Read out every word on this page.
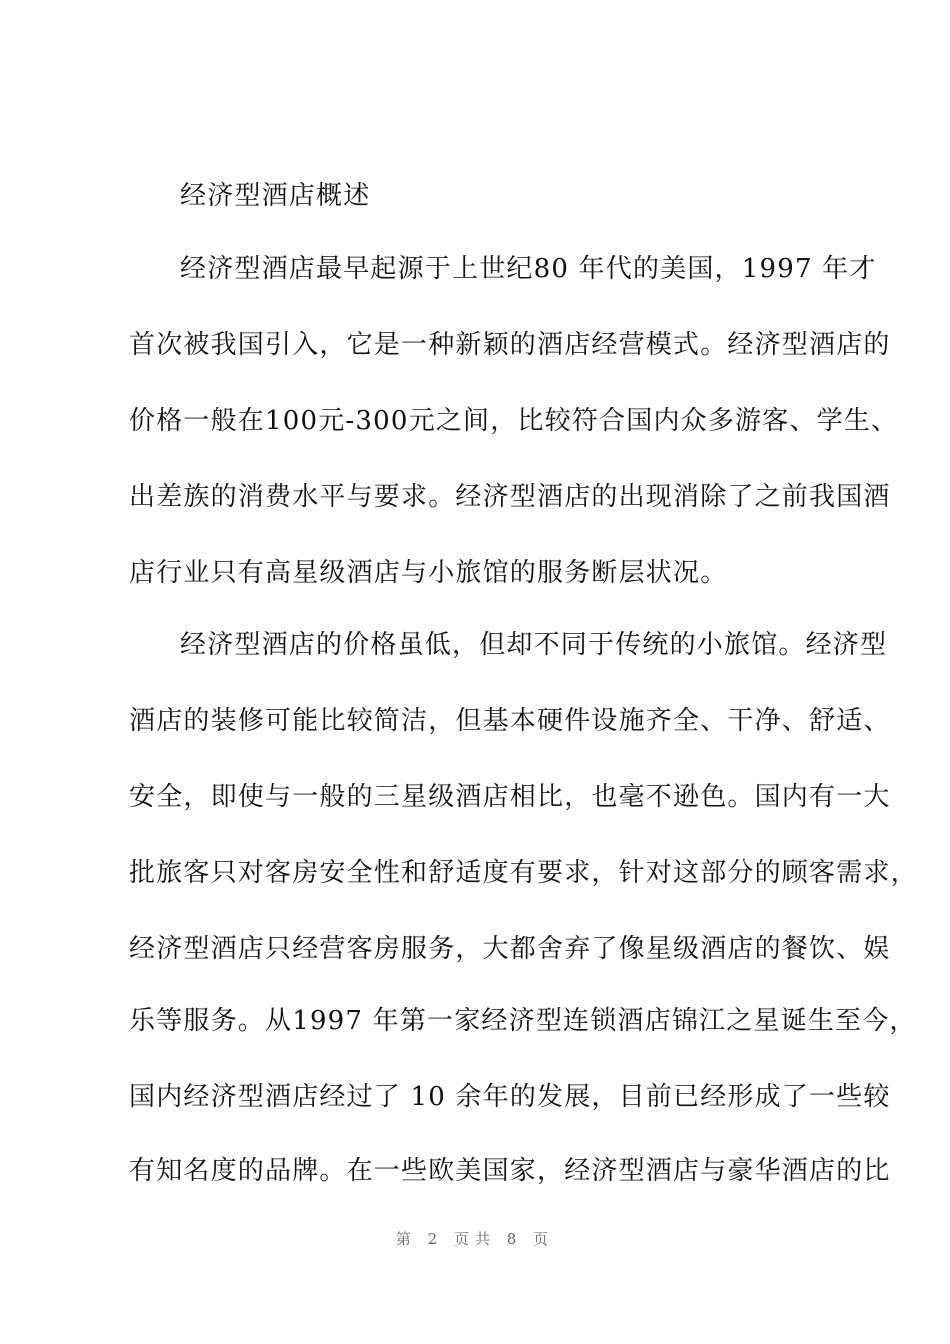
经济型酒店概述
经济型酒店最早起源于上世纪80 年代的美国，1997 年才
首次被我国引入，它是一种新颖的酒店经营模式。经济型酒店的
价格一般在100元-300元之间，比较符合国内众多游客、学生、
出差族的消费水平与要求。经济型酒店的出现消除了之前我国酒
店行业只有高星级酒店与小旅馆的服务断层状况。
经济型酒店的价格虽低，但却不同于传统的小旅馆。经济型
酒店的装修可能比较简洁，但基本硬件设施齐全、干净、舒适、
安全，即使与一般的三星级酒店相比，也毫不逊色。国内有一大
批旅客只对客房安全性和舒适度有要求，针对这部分的顾客需求，
经济型酒店只经营客房服务，大都舍弃了像星级酒店的餐饮、娱
乐等服务。从1997 年第一家经济型连锁酒店锦江之星诞生至今，
国内经济型酒店经过了 10 余年的发展，目前已经形成了一些较
有知名度的品牌。在一些欧美国家，经济型酒店与豪华酒店的比
第 2 页共 8 页
